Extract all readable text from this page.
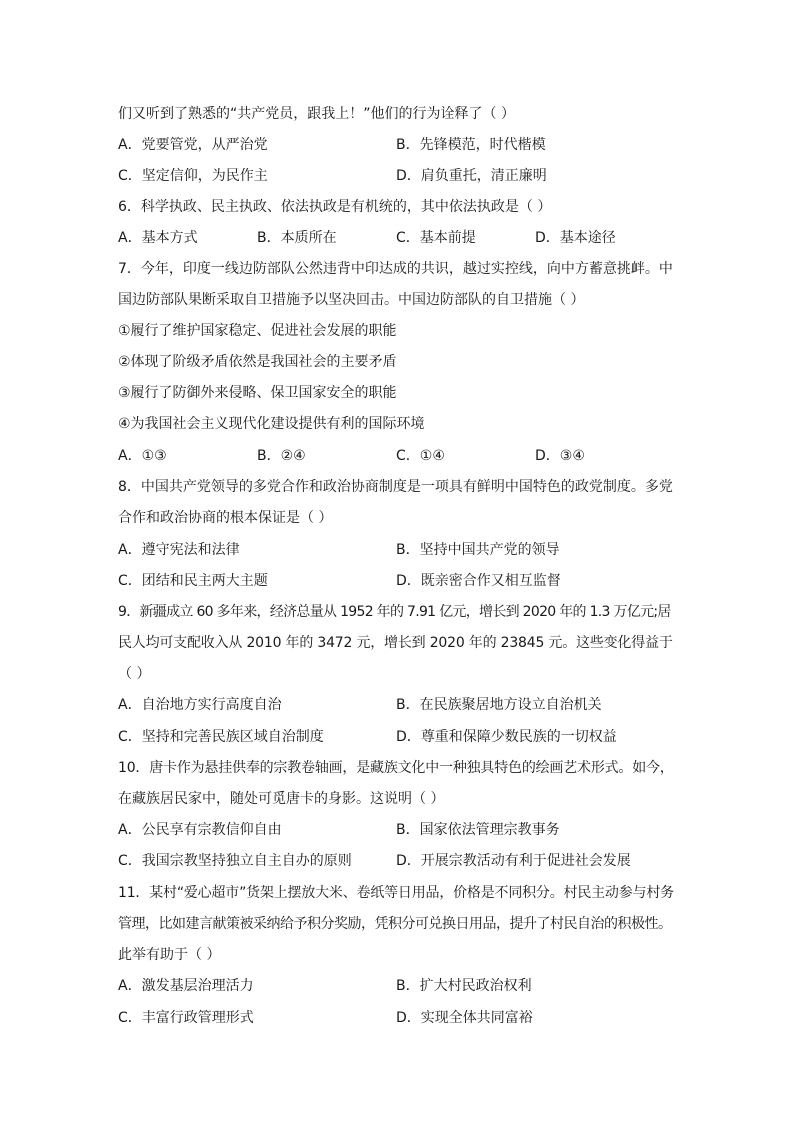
们又听到了熟悉的“共产党员，跟我上！”他们的行为诠释了（ ）
A．党要管党，从严治党	B．先锋模范，时代楷模
C．坚定信仰，为民作主	D．肩负重托，清正廉明
6．科学执政、民主执政、依法执政是有机统的，其中依法执政是（ ）
A．基本方式	B．本质所在	C．基本前提	D．基本途径
7．今年，印度一线边防部队公然违背中印达成的共识，越过实控线，向中方蓄意挑衅。中
国边防部队果断采取自卫措施予以坚决回击。中国边防部队的自卫措施（ ）
①履行了维护国家稳定、促进社会发展的职能
②体现了阶级矛盾依然是我国社会的主要矛盾
③履行了防御外来侵略、保卫国家安全的职能
④为我国社会主义现代化建设提供有利的国际环境
A．①③	B．②④	C．①④	D．③④
8．中国共产党领导的多党合作和政治协商制度是一项具有鲜明中国特色的政党制度。多党
合作和政治协商的根本保证是（ ）
A．遵守宪法和法律	B．坚持中国共产党的领导
C．团结和民主两大主题	D．既亲密合作又相互监督
9．新疆成立 60 多年来，经济总量从 1952 年的 7.91 亿元，增长到 2020 年的 1.3 万亿元;居
民人均可支配收入从 2010 年的 3472 元，增长到 2020 年的 23845 元。这些变化得益于
（ ）
A．自治地方实行高度自治	B．在民族聚居地方设立自治机关
C．坚持和完善民族区域自治制度	D．尊重和保障少数民族的一切权益
10．唐卡作为悬挂供奉的宗教卷轴画，是藏族文化中一种独具特色的绘画艺术形式。如今，
在藏族居民家中，随处可觅唐卡的身影。这说明（ ）
A．公民享有宗教信仰自由	B．国家依法管理宗教事务
C．我国宗教坚持独立自主自办的原则	D．开展宗教活动有利于促进社会发展
11．某村“爱心超市”货架上摆放大米、卷纸等日用品，价格是不同积分。村民主动参与村务
管理，比如建言献策被采纳给予积分奖励，凭积分可兑换日用品，提升了村民自治的积极性。
此举有助于（ ）
A．激发基层治理活力	B．扩大村民政治权利
C．丰富行政管理形式	D．实现全体共同富裕
